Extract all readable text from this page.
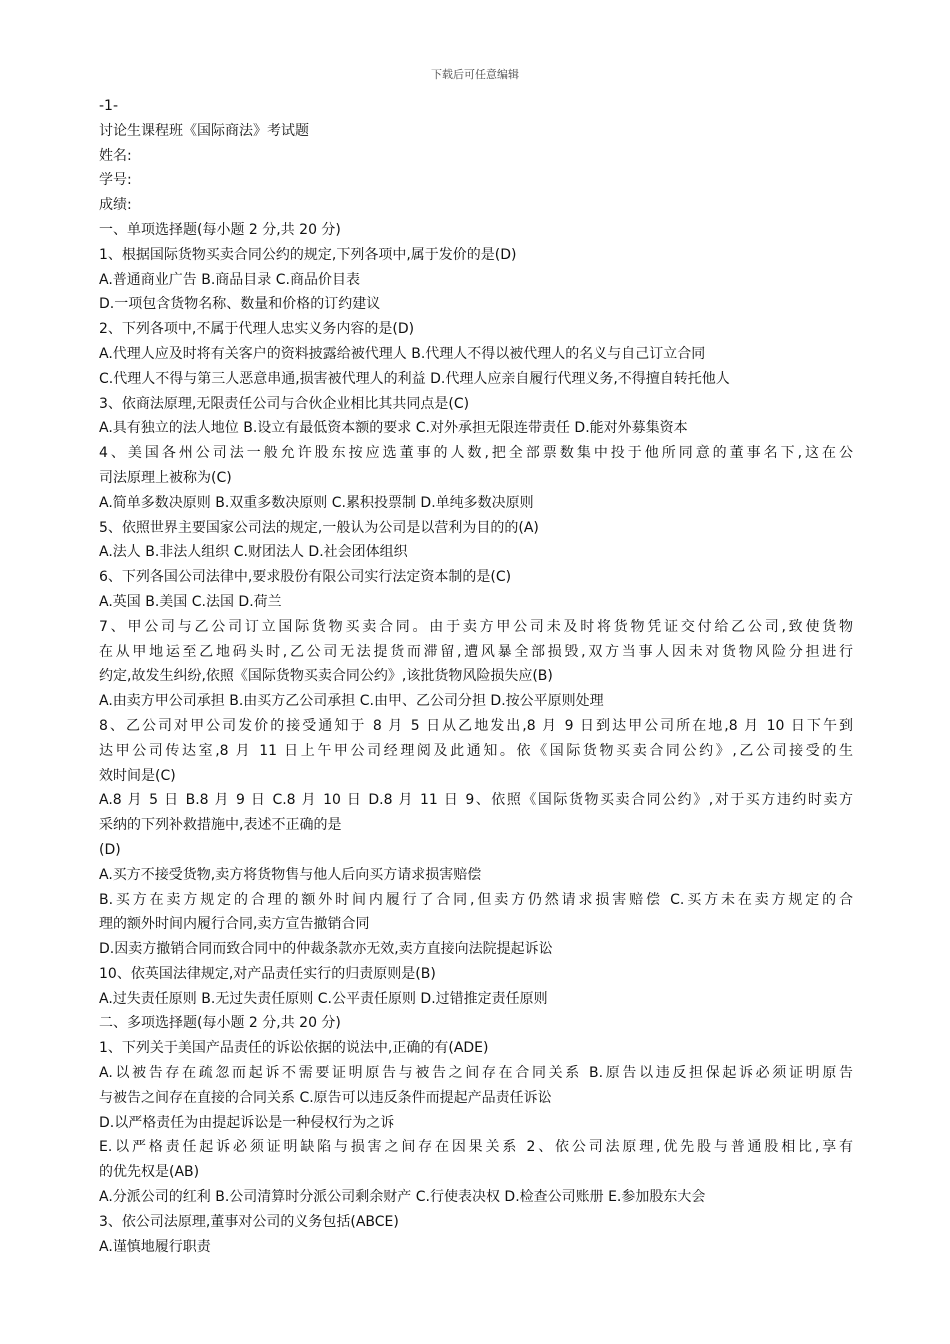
下载后可任意编辑
-1-
讨论生课程班《国际商法》考试题
姓名:
学号:
成绩:
一、单项选择题(每小题 2 分,共 20 分)
1、根据国际货物买卖合同公约的规定,下列各项中,属于发价的是(D)
A.普通商业广告 B.商品目录 C.商品价目表
D.一项包含货物名称、数量和价格的订约建议
2、下列各项中,不属于代理人忠实义务内容的是(D)
A.代理人应及时将有关客户的资料披露给被代理人 B.代理人不得以被代理人的名义与自己订立合同
C.代理人不得与第三人恶意串通,损害被代理人的利益 D.代理人应亲自履行代理义务,不得擅自转托他人
3、依商法原理,无限责任公司与合伙企业相比其共同点是(C)
A.具有独立的法人地位 B.设立有最低资本额的要求 C.对外承担无限连带责任 D.能对外募集资本
4、美国各州公司法一般允许股东按应选董事的人数,把全部票数集中投于他所同意的董事名下,这在公
司法原理上被称为(C)
A.简单多数决原则 B.双重多数决原则 C.累积投票制 D.单纯多数决原则
5、依照世界主要国家公司法的规定,一般认为公司是以营利为目的的(A)
A.法人 B.非法人组织 C.财团法人 D.社会团体组织
6、下列各国公司法律中,要求股份有限公司实行法定资本制的是(C)
A.英国 B.美国 C.法国 D.荷兰
7、甲公司与乙公司订立国际货物买卖合同。由于卖方甲公司未及时将货物凭证交付给乙公司,致使货物
在从甲地运至乙地码头时,乙公司无法提货而滞留,遭风暴全部损毁,双方当事人因未对货物风险分担进行
约定,故发生纠纷,依照《国际货物买卖合同公约》,该批货物风险损失应(B)
A.由卖方甲公司承担 B.由买方乙公司承担 C.由甲、乙公司分担 D.按公平原则处理
8、乙公司对甲公司发价的接受通知于 8 月 5 日从乙地发出,8 月 9 日到达甲公司所在地,8 月 10 日下午到
达甲公司传达室,8 月 11 日上午甲公司经理阅及此通知。依《国际货物买卖合同公约》,乙公司接受的生
效时间是(C)
A.8 月 5 日 B.8 月 9 日 C.8 月 10 日 D.8 月 11 日 9、依照《国际货物买卖合同公约》,对于买方违约时卖方
采纳的下列补救措施中,表述不正确的是
(D)
A.买方不接受货物,卖方将货物售与他人后向买方请求损害赔偿
B.买方在卖方规定的合理的额外时间内履行了合同,但卖方仍然请求损害赔偿 C.买方未在卖方规定的合
理的额外时间内履行合同,卖方宣告撤销合同
D.因卖方撤销合同而致合同中的仲裁条款亦无效,卖方直接向法院提起诉讼
10、依英国法律规定,对产品责任实行的归责原则是(B)
A.过失责任原则 B.无过失责任原则 C.公平责任原则 D.过错推定责任原则
二、多项选择题(每小题 2 分,共 20 分)
1、下列关于美国产品责任的诉讼依据的说法中,正确的有(ADE)
A.以被告存在疏忽而起诉不需要证明原告与被告之间存在合同关系 B.原告以违反担保起诉必须证明原告
与被告之间存在直接的合同关系 C.原告可以违反条件而提起产品责任诉讼
D.以严格责任为由提起诉讼是一种侵权行为之诉
E.以严格责任起诉必须证明缺陷与损害之间存在因果关系 2、依公司法原理,优先股与普通股相比,享有
的优先权是(AB)
A.分派公司的红利 B.公司清算时分派公司剩余财产 C.行使表决权 D.检查公司账册 E.参加股东大会
3、依公司法原理,董事对公司的义务包括(ABCE)
A.谨慎地履行职责
